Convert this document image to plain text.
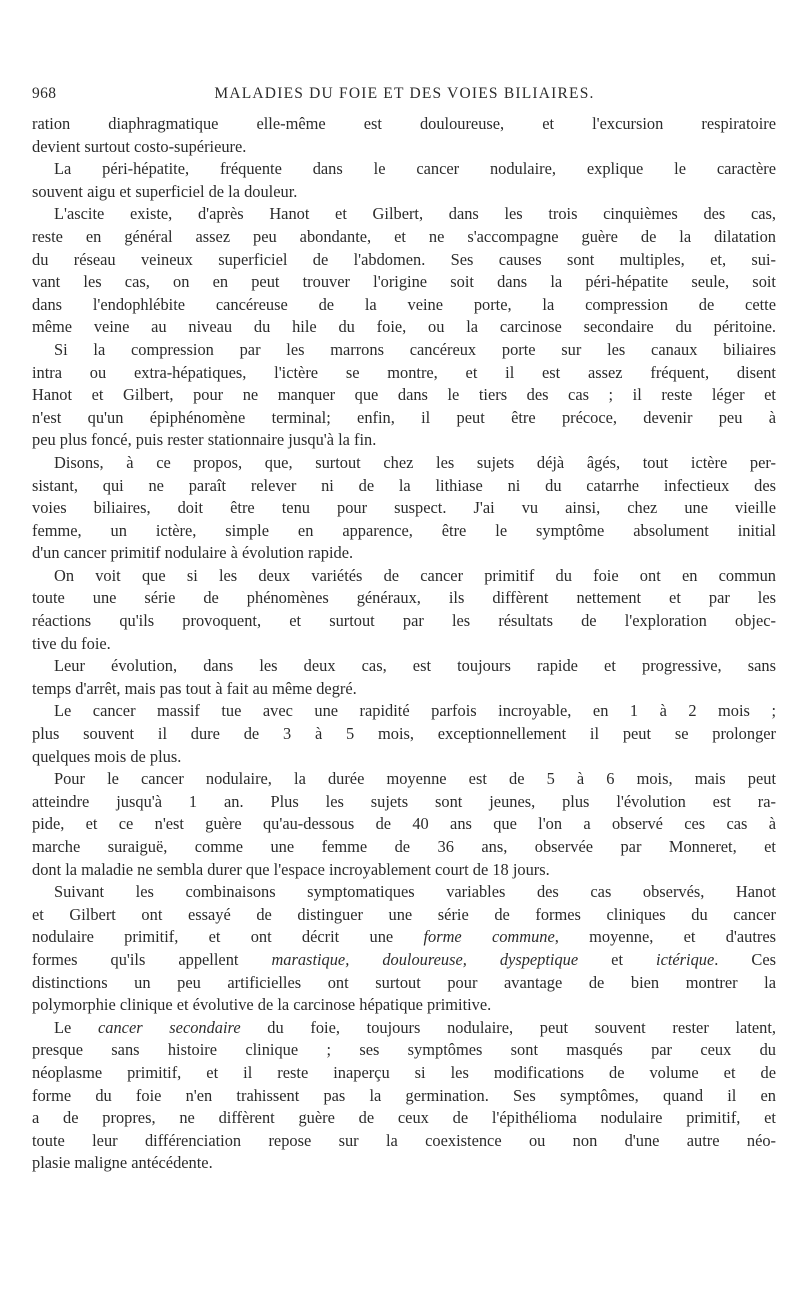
968	MALADIES DU FOIE ET DES VOIES BILIAIRES.
ration diaphragmatique elle-même est douloureuse, et l'excursion respiratoire
devient surtout costo-supérieure.
La péri-hépatite, fréquente dans le cancer nodulaire, explique le caractère
souvent aigu et superficiel de la douleur.
L'ascite existe, d'après Hanot et Gilbert, dans les trois cinquièmes des cas,
reste en général assez peu abondante, et ne s'accompagne guère de la dilatation
du réseau veineux superficiel de l'abdomen. Ses causes sont multiples, et, sui-
vant les cas, on en peut trouver l'origine soit dans la péri-hépatite seule, soit
dans l'endophlébite cancéreuse de la veine porte, la compression de cette
même veine au niveau du hile du foie, ou la carcinose secondaire du péritoine.
Si la compression par les marrons cancéreux porte sur les canaux biliaires
intra ou extra-hépatiques, l'ictère se montre, et il est assez fréquent, disent
Hanot et Gilbert, pour ne manquer que dans le tiers des cas ; il reste léger et
n'est qu'un épiphénomène terminal; enfin, il peut être précoce, devenir peu à
peu plus foncé, puis rester stationnaire jusqu'à la fin.
Disons, à ce propos, que, surtout chez les sujets déjà âgés, tout ictère per-
sistant, qui ne paraît relever ni de la lithiase ni du catarrhe infectieux des
voies biliaires, doit être tenu pour suspect. J'ai vu ainsi, chez une vieille
femme, un ictère, simple en apparence, être le symptôme absolument initial
d'un cancer primitif nodulaire à évolution rapide.
On voit que si les deux variétés de cancer primitif du foie ont en commun
toute une série de phénomènes généraux, ils diffèrent nettement et par les
réactions qu'ils provoquent, et surtout par les résultats de l'exploration objec-
tive du foie.
Leur évolution, dans les deux cas, est toujours rapide et progressive, sans
temps d'arrêt, mais pas tout à fait au même degré.
Le cancer massif tue avec une rapidité parfois incroyable, en 1 à 2 mois ;
plus souvent il dure de 3 à 5 mois, exceptionnellement il peut se prolonger
quelques mois de plus.
Pour le cancer nodulaire, la durée moyenne est de 5 à 6 mois, mais peut
atteindre jusqu'à 1 an. Plus les sujets sont jeunes, plus l'évolution est ra-
pide, et ce n'est guère qu'au-dessous de 40 ans que l'on a observé ces cas à
marche suraiguë, comme une femme de 36 ans, observée par Monneret, et
dont la maladie ne sembla durer que l'espace incroyablement court de 18 jours.
Suivant les combinaisons symptomatiques variables des cas observés, Hanot
et Gilbert ont essayé de distinguer une série de formes cliniques du cancer
nodulaire primitif, et ont décrit une forme commune, moyenne, et d'autres
formes qu'ils appellent marastique, douloureuse, dyspeptique et ictérique. Ces
distinctions un peu artificielles ont surtout pour avantage de bien montrer la
polymorphie clinique et évolutive de la carcinose hépatique primitive.
Le cancer secondaire du foie, toujours nodulaire, peut souvent rester latent,
presque sans histoire clinique ; ses symptômes sont masqués par ceux du
néoplasme primitif, et il reste inaperçu si les modifications de volume et de
forme du foie n'en trahissent pas la germination. Ses symptômes, quand il en
a de propres, ne diffèrent guère de ceux de l'épithélioma nodulaire primitif, et
toute leur différenciation repose sur la coexistence ou non d'une autre néo-
plasie maligne antécédente.
